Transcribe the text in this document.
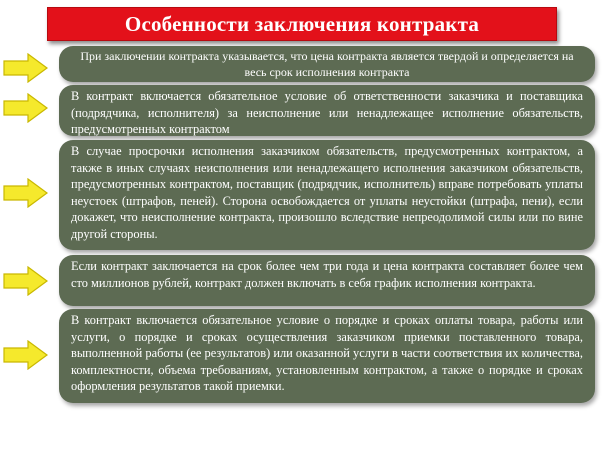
Особенности заключения контракта
При заключении контракта указывается, что цена контракта является твердой и определяется на весь срок исполнения контракта
В контракт включается обязательное условие об ответственности заказчика и поставщика (подрядчика, исполнителя) за неисполнение или ненадлежащее исполнение обязательств, предусмотренных контрактом
В случае просрочки исполнения заказчиком обязательств, предусмотренных контрактом, а также в иных случаях неисполнения или ненадлежащего исполнения заказчиком обязательств, предусмотренных контрактом, поставщик (подрядчик, исполнитель) вправе потребовать уплаты неустоек (штрафов, пеней). Сторона освобождается от уплаты неустойки (штрафа, пени), если докажет, что неисполнение контракта, произошло вследствие непреодолимой силы или по вине другой стороны.
Если контракт заключается на срок более чем три года и цена контракта составляет более чем сто миллионов рублей, контракт должен включать в себя график исполнения контракта.
В контракт включается обязательное условие о порядке и сроках оплаты товара, работы или услуги, о порядке и сроках осуществления заказчиком приемки поставленного товара, выполненной работы (ее результатов) или оказанной услуги в части соответствия их количества, комплектности, объема требованиям, установленным контрактом, а также о порядке и сроках оформления результатов такой приемки.
